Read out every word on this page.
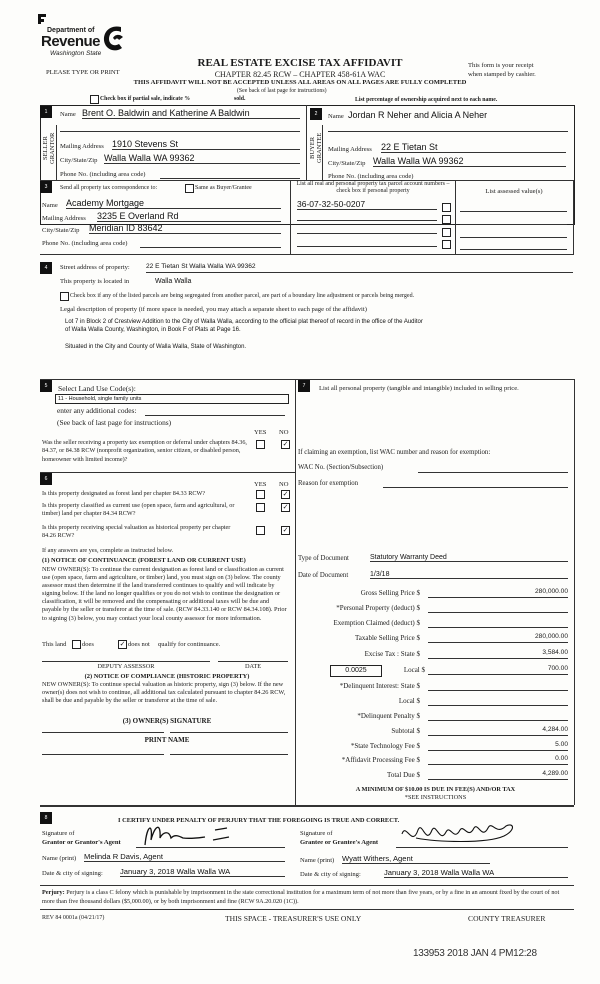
Department of
Revenue
Washington State
REAL ESTATE EXCISE TAX AFFIDAVIT
PLEASE TYPE OR PRINT	CHAPTER 82.45 RCW – CHAPTER 458-61A WAC
This form is your receipt
when stamped by cashier.
THIS AFFIDAVIT WILL NOT BE ACCEPTED UNLESS ALL AREAS ON ALL PAGES ARE FULLY COMPLETED
(See back of last page for instructions)
Check box if partial sale, indicate %	sold.	List percentage of ownership acquired next to each name.
1
SELLER
GRANTOR
Name Brent O. Baldwin and Katherine A Baldwin
Mailing Address 1910 Stevens St
City/State/Zip Walla Walla WA 99362
Phone No. (including area code)
2
BUYER
GRANTEE
Name Jordan R Neher and Alicia A Neher
Mailing Address 22 E Tietan St
City/State/Zip Walla Walla WA 99362
Phone No. (including area code)
3	Send all property tax correspondence to:	Same as Buyer/Grantee
Name Academy Mortgage
Mailing Address 3235 E Overland Rd
City/State/Zip Meridian ID 83642
Phone No. (including area code)

List all real and personal property tax parcel account numbers – check box if personal property	List assessed value(s)
36-07-32-50-0207
4	Street address of property: 22 E Tietan St Walla Walla WA 99362
This property is located in	Walla Walla
Check box if any of the listed parcels are being segregated from another parcel, are part of a boundary line adjustment or parcels being merged.
Legal description of property (if more space is needed, you may attach a separate sheet to each page of the affidavit)
Lot 7 in Block 2 of Crestview Addition to the City of Walla Walla, according to the official plat thereof of record in the office of the Auditor
of Walla Walla County, Washington, in Book F of Plats at Page 16.
Situated in the City and County of Walla Walla, State of Washington.
5	Select Land Use Code(s):
11 - Household, single family units
enter any additional codes:
(See back of last page for instructions)
YES NO

Was the seller receiving a property tax exemption or deferral under chapters 84.36, 84.37, or 84.38 RCW (nonprofit organization, senior citizen, or disabled person, homeowner with limited income)?

✓
6
YES NO
Is this property designated as forest land per chapter 84.33 RCW?	✓

Is this property classified as current use (open space, farm and agricultural, or timber) land per chapter 84.34 RCW?

✓

Is this property receiving special valuation as historical property per chapter 84.26 RCW?

✓
If any answers are yes, complete as instructed below.
(1) NOTICE OF CONTINUANCE (FOREST LAND OR CURRENT USE)

NEW OWNER(S): To continue the current designation as forest land or classification as current use (open space, farm and agriculture, or timber) land, you must sign on (3) below. The county assessor must then determine if the land transferred continues to qualify and will indicate by signing below. If the land no longer qualifies or you do not wish to continue the designation or classification, it will be removed and the compensating or additional taxes will be due and payable by the seller or transferor at the time of sale. (RCW 84.33.140 or RCW 84.34.108). Prior to signing (3) below, you may contact your local county assessor for more information.

This land does	✓ does not qualify for continuance.
DEPUTY ASSESSOR	DATE
(2) NOTICE OF COMPLIANCE (HISTORIC PROPERTY)

NEW OWNER(S): To continue special valuation as historic property, sign (3) below. If the new owner(s) does not wish to continue, all additional tax calculated pursuant to chapter 84.26 RCW, shall be due and payable by the seller or transferor at the time of sale.

(3) OWNER(S) SIGNATURE
PRINT NAME
7	List all personal property (tangible and intangible) included in selling price.

If claiming an exemption, list WAC number and reason for exemption:
WAC No. (Section/Subsection)
Reason for exemption
Type of Document	Statutory Warranty Deed
Date of Document	1/3/18
0.0025
Gross Selling Price $	280,000.00
*Personal Property (deduct) $
Exemption Claimed (deduct) $
Taxable Selling Price $	280,000.00
Excise Tax : State $	3,584.00
Local $	700.00
*Delinquent Interest: State $
Local $
*Delinquent Penalty $
Subtotal $	4,284.00
*State Technology Fee $	5.00
*Affidavit Processing Fee $	0.00
Total Due $	4,289.00
A MINIMUM OF $10.00 IS DUE IN FEE(S) AND/OR TAX
*SEE INSTRUCTIONS
8	I CERTIFY UNDER PENALTY OF PERJURY THAT THE FOREGOING IS TRUE AND CORRECT.
Signature of
Grantor or Grantor's Agent
Name (print) Melinda R Davis, Agent
Date & city of signing: January 3, 2018 Walla Walla WA
Signature of
Grantee or Grantee's Agent
Name (print) Wyatt Withers, Agent
Date & city of signing:	January 3, 2018 Walla Walla WA

Perjury: Perjury is a class C felony which is punishable by imprisonment in the state correctional institution for a maximum term of not more than five years, or by a fine in an amount fixed by the court of not more than five thousand dollars ($5,000.00), or by both imprisonment and fine (RCW 9A.20.020 (1C)).

REV 84 0001a (04/21/17)	THIS SPACE - TREASURER'S USE ONLY	COUNTY TREASURER
133953 2018 JAN 4 PM12:28
